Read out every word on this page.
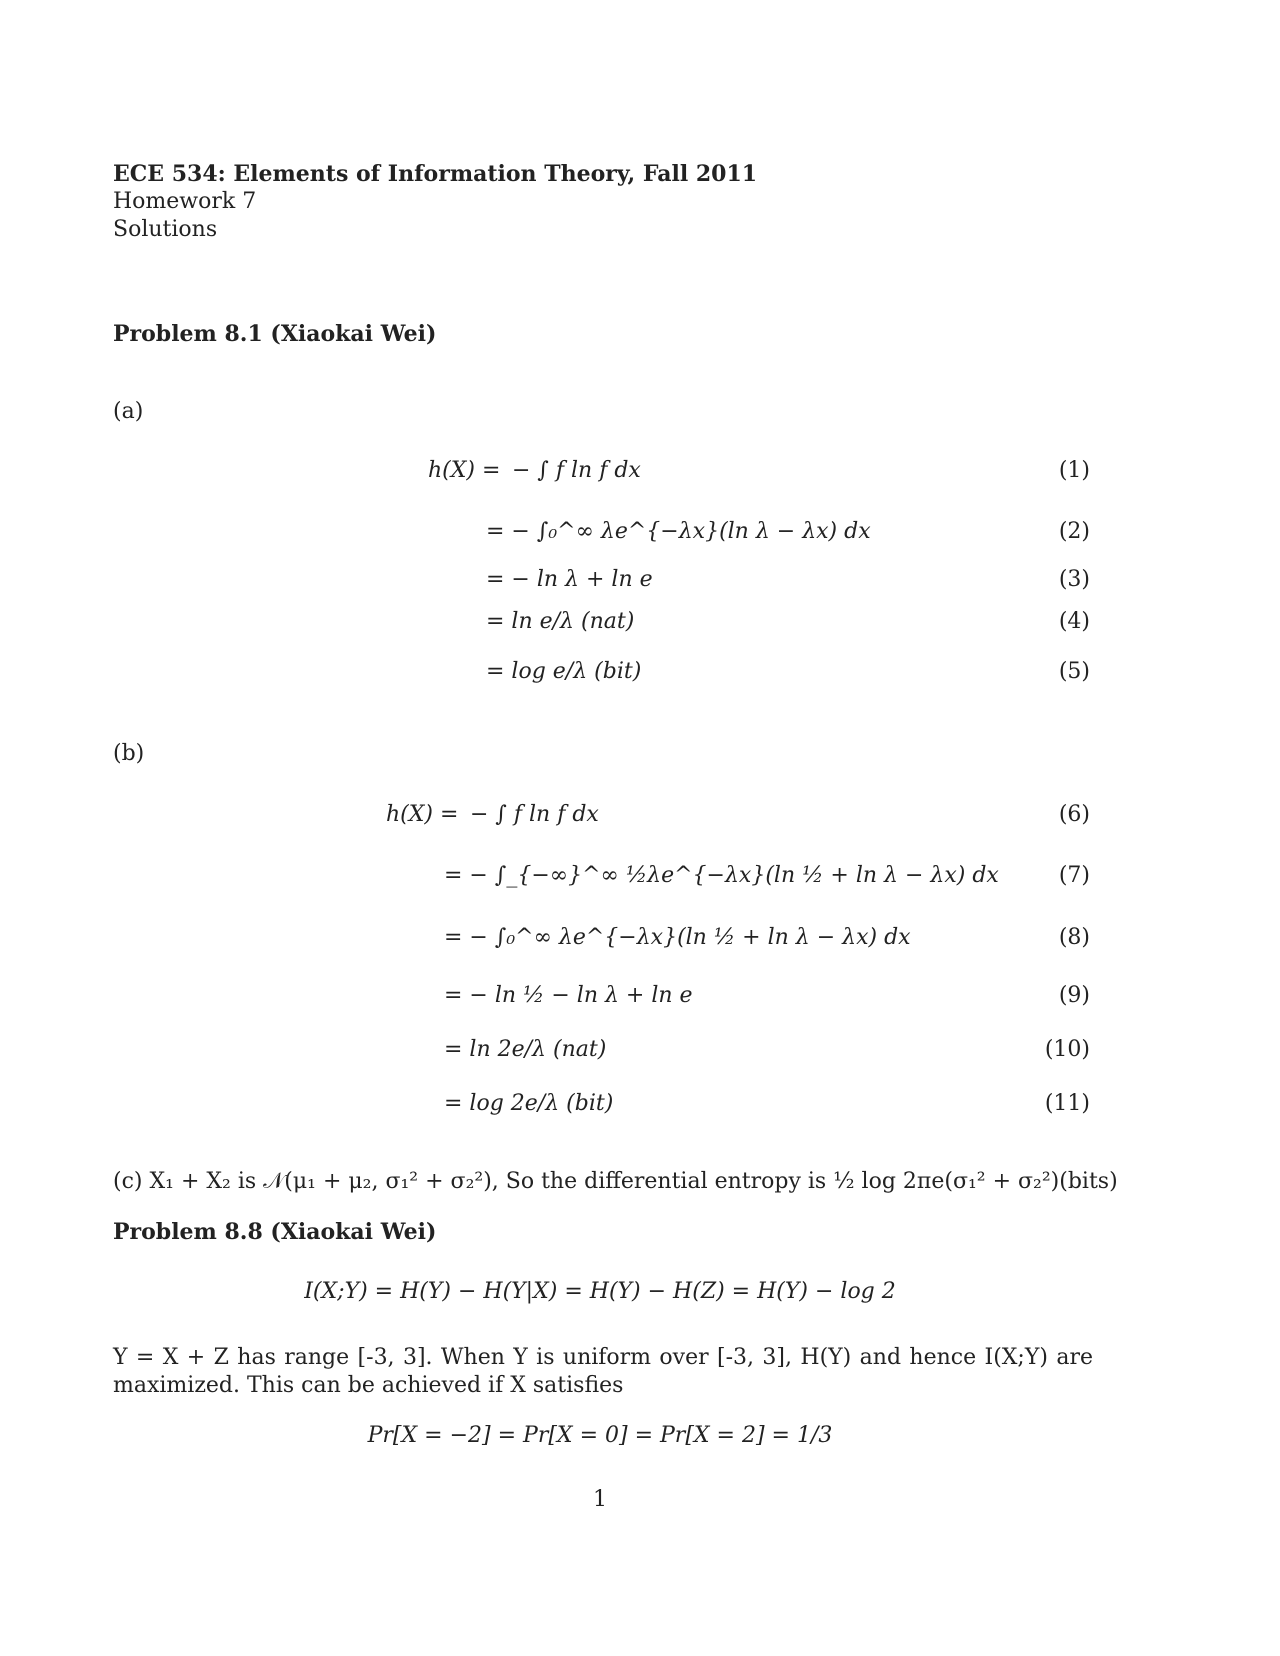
ECE 534: Elements of Information Theory, Fall 2011
Homework 7
Solutions
Problem 8.1 (Xiaokai Wei)
(a)
h(X) = − ∫ f ln f dx	(1)
= − ∫₀^∞ λe^{−λx}(ln λ − λx) dx	(2)
= − ln λ + ln e	(3)
= ln e/λ (nat)	(4)
= log e/λ (bit)	(5)
(b)
h(X) = − ∫ f ln f dx	(6)
= − ∫_{−∞}^∞ ½λe^{−λx}(ln ½ + ln λ − λx) dx	(7)
= − ∫₀^∞ λe^{−λx}(ln ½ + ln λ − λx) dx	(8)
= − ln ½ − ln λ + ln e	(9)
= ln 2e/λ (nat)	(10)
= log 2e/λ (bit)	(11)
(c) X₁ + X₂ is 𝒩(μ₁ + μ₂, σ₁² + σ₂²), So the differential entropy is ½ log 2πe(σ₁² + σ₂²)(bits)
Problem 8.8 (Xiaokai Wei)
I(X;Y) = H(Y) − H(Y|X) = H(Y) − H(Z) = H(Y) − log 2
Y = X + Z has range [-3, 3]. When Y is uniform over [-3, 3], H(Y) and hence I(X;Y) are maximized. This can be achieved if X satisfies
Pr[X = −2] = Pr[X = 0] = Pr[X = 2] = 1/3
1
